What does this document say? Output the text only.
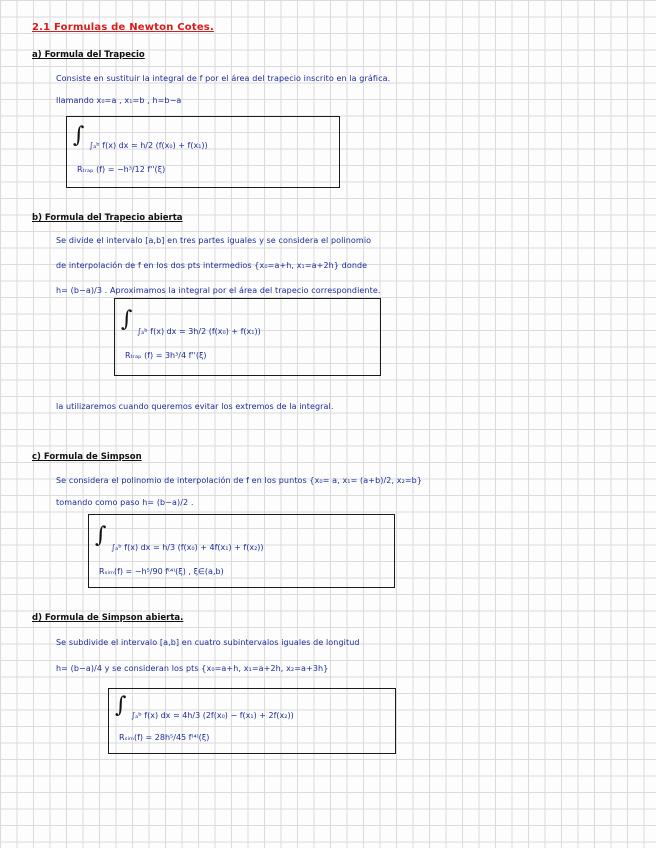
2.1 Formulas de Newton Cotes.
a) Formula del Trapecio
Consiste en sustituir la integral de f por el área del trapecio inscrito en la gráfica.
llamando x₀=a , x₁=b , h=b−a
∫ ∫ₐᵇ f(x) dx ≃ h/2 (f(x₀) + f(x₁))
Rₜᵣₐₚ (f) = −h³/12 f''(ξ)
b) Formula del Trapecio abierta
Se divide el intervalo [a,b] en tres partes iguales y se considera el polinomio
de interpolación de f en los dos pts intermedios {x₀=a+h, x₁=a+2h} donde
h= (b−a)/3 . Aproximamos la integral por el área del trapecio correspondiente.
∫ ∫ₐᵇ f(x) dx ≃ 3h/2 (f(x₀) + f(x₁))
Rₜᵣₐₚ (f) = 3h³/4 f''(ξ)
la utilizaremos cuando queremos evitar los extremos de la integral.
c) Formula de Simpson
Se considera el polinomio de interpolación de f en los puntos {x₀= a, x₁= (a+b)/2, x₂=b}
tomando como paso h= (b−a)/2 .
∫ ∫ₐᵇ f(x) dx = h/3 (f(x₀) + 4f(x₁) + f(x₂))
Rₛᵢₘ(f) = −h⁵/90 f⁽⁴⁾(ξ) , ξ∈(a,b)
d) Formula de Simpson abierta.
Se subdivide el intervalo [a,b] en cuatro subintervalos iguales de longitud
h= (b−a)/4 y se consideran los pts {x₀=a+h, x₁=a+2h, x₂=a+3h}
∫ ∫ₐᵇ f(x) dx ≃ 4h/3 (2f(x₀) − f(x₁) + 2f(x₂))
Rₛᵢₘ(f) = 28h⁵/45 f⁽⁴⁾(ξ)
